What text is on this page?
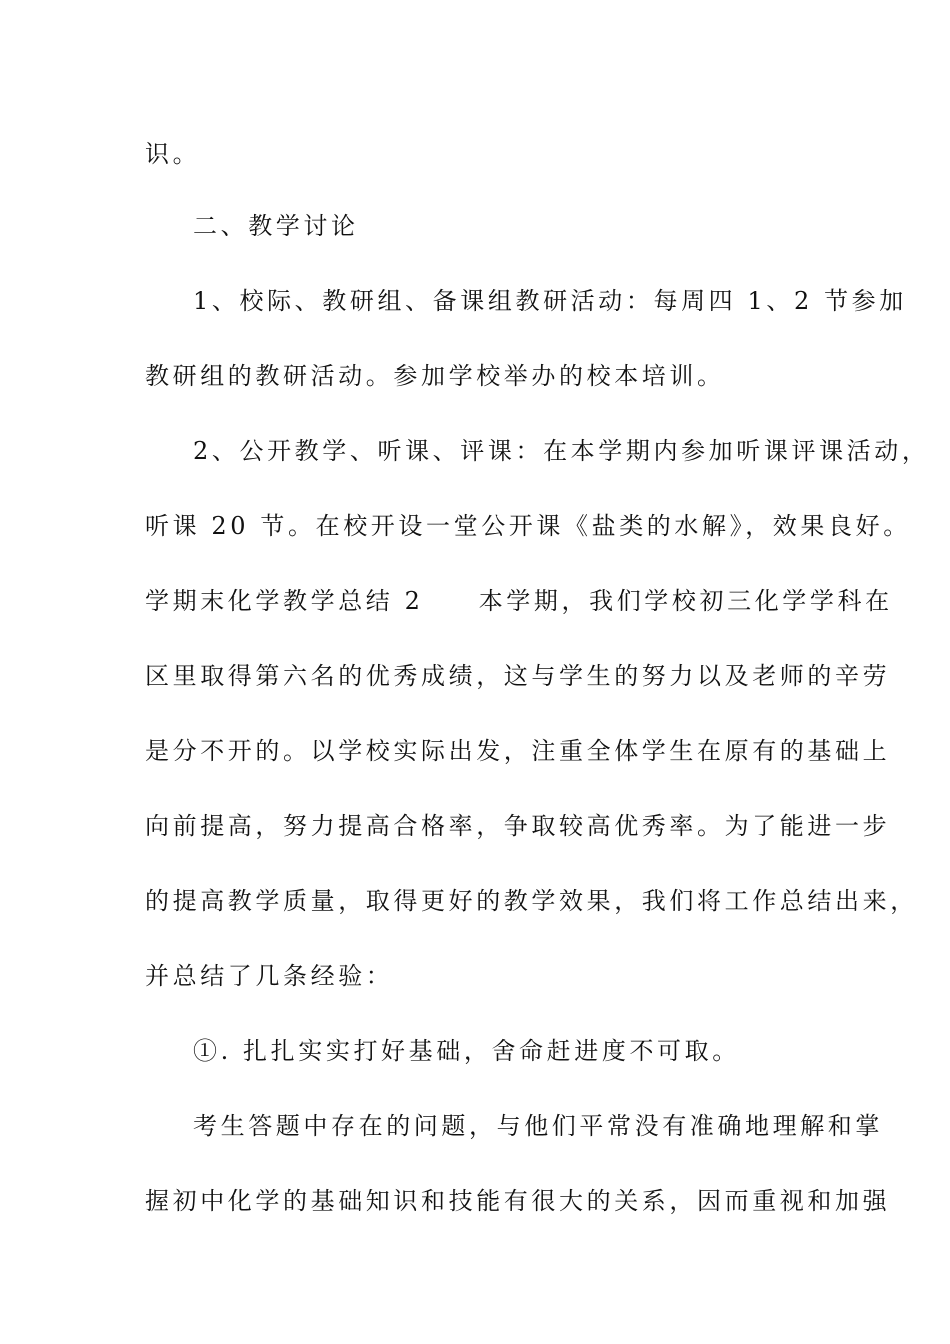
识。
二、教学讨论
1、校际、教研组、备课组教研活动：每周四 1、2 节参加
教研组的教研活动。参加学校举办的校本培训。
2、公开教学、听课、评课：在本学期内参加听课评课活动，
听课 20 节。在校开设一堂公开课《盐类的水解》，效果良好。
学期末化学教学总结 2　　本学期，我们学校初三化学学科在
区里取得第六名的优秀成绩，这与学生的努力以及老师的辛劳
是分不开的。以学校实际出发，注重全体学生在原有的基础上
向前提高，努力提高合格率，争取较高优秀率。为了能进一步
的提高教学质量，取得更好的教学效果，我们将工作总结出来，
并总结了几条经验：
①. 扎扎实实打好基础，舍命赶进度不可取。
考生答题中存在的问题，与他们平常没有准确地理解和掌
握初中化学的基础知识和技能有很大的关系，因而重视和加强
